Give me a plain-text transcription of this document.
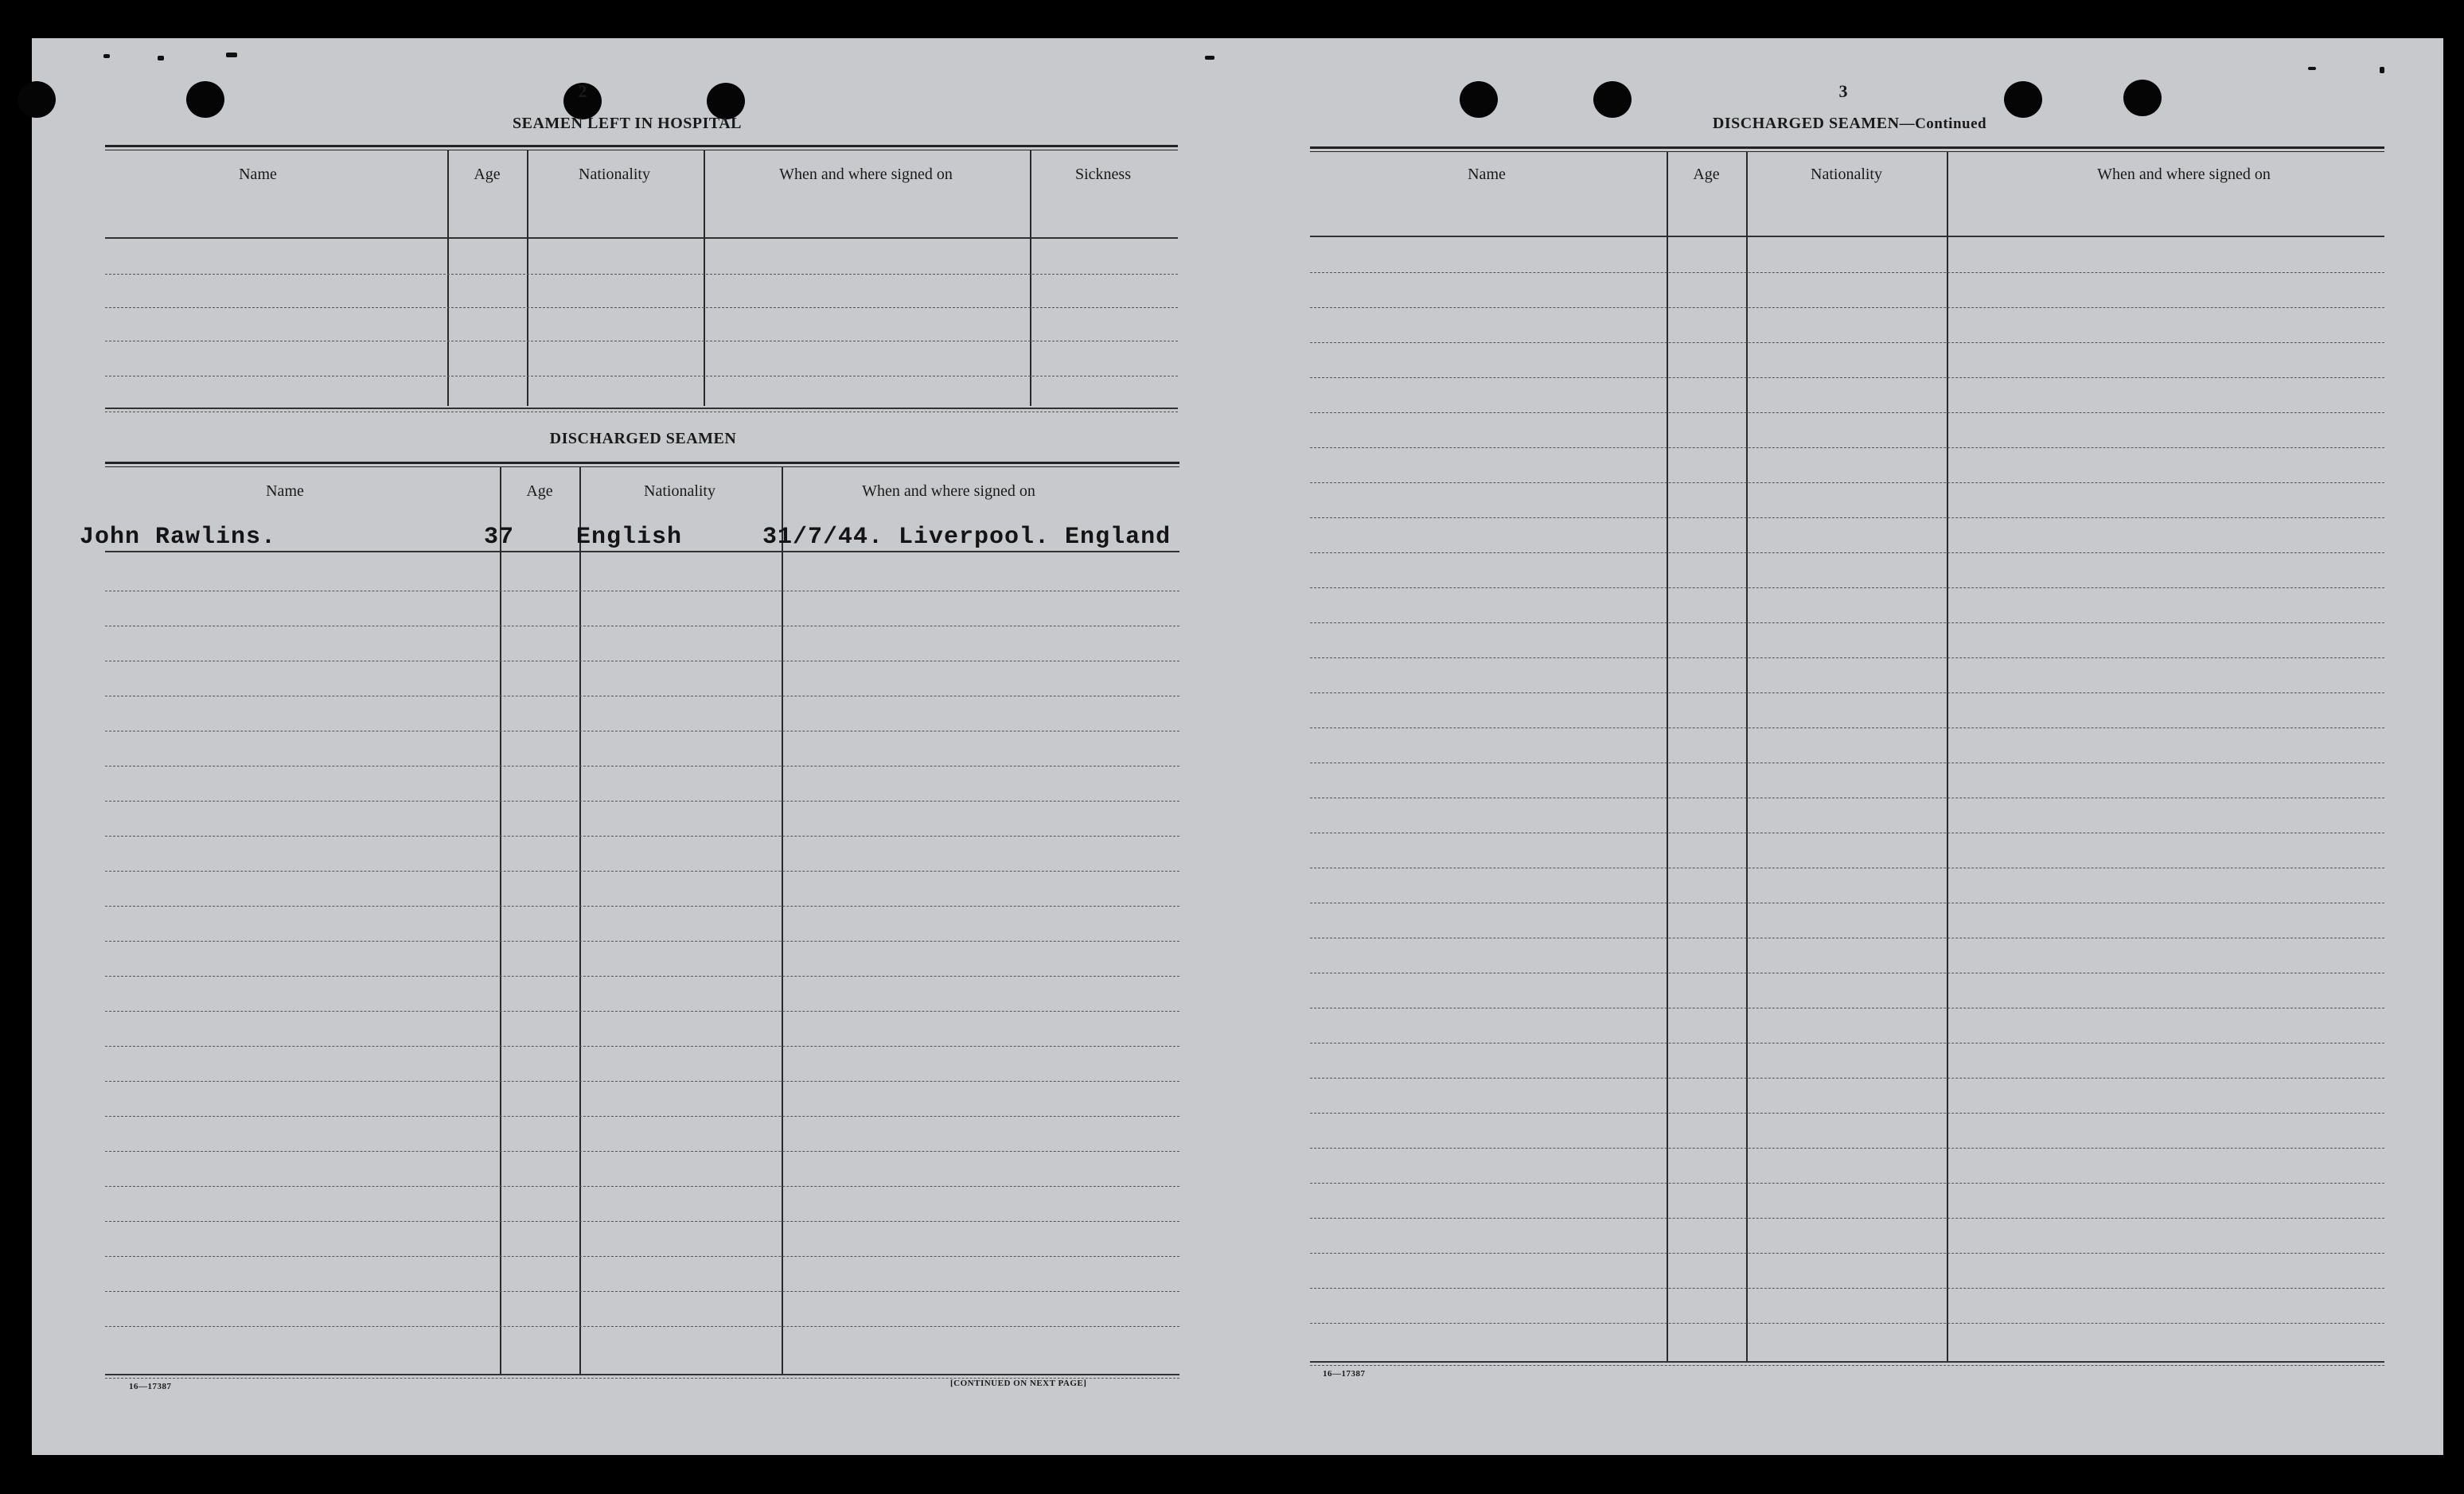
2
SEAMEN LEFT IN HOSPITAL
Name	Age	Nationality	When and where signed on	Sickness
DISCHARGED SEAMEN
Name	Age	Nationality	When and where signed on
John Rawlins.	37	English	31/7/44. Liverpool. England
16—17387	[CONTINUED ON NEXT PAGE]
3
DISCHARGED SEAMEN—Continued
Name	Age	Nationality	When and where signed on
16—17387
